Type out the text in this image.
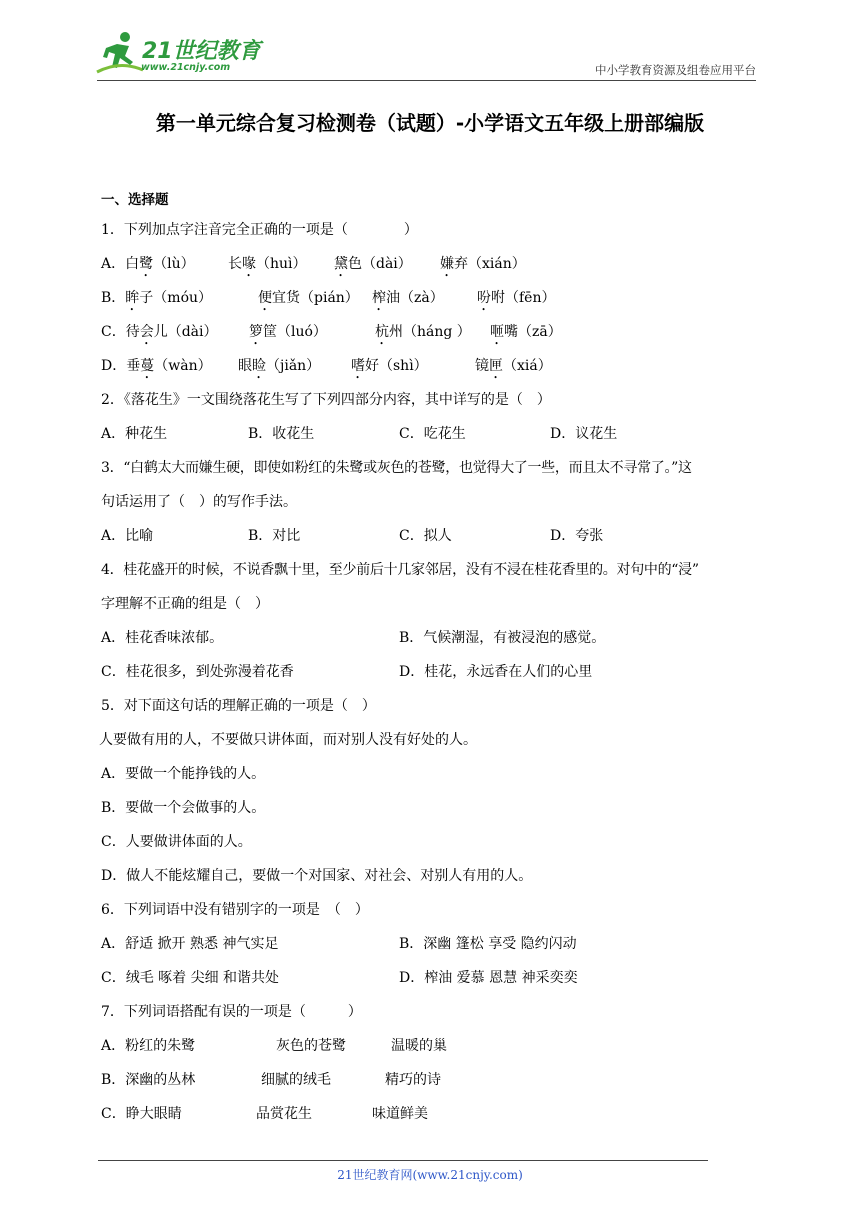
21世纪教育
www.21cnjy.com	中小学教育资源及组卷应用平台
第一单元综合复习检测卷（试题）-小学语文五年级上册部编版
一、选择题
1．下列加点字注音完全正确的一项是（　　　　）
A．白鹭（lù） 长喙（huì） 黛色（dài） 嫌弃（xián）
B．眸子（móu）	便宜货（pián） 榨油（zà） 吩咐（fēn）
C．待会儿（dài） 箩筐（luó）	杭州（háng ） 咂嘴（zā）
D．垂蔓（wàn） 眼睑（jiǎn） 嗜好（shì）	镜匣（xiá）
2．《落花生》一文围绕落花生写了下列四部分内容，其中详写的是（　）
A．种花生	B．收花生	C．吃花生	D．议花生
3．“白鹤太大而嫌生硬，即使如粉红的朱鹭或灰色的苍鹭，也觉得大了一些，而且太不寻常了。”这
句话运用了（　）的写作手法。
A．比喻	B．对比	C．拟人	D．夸张
4．桂花盛开的时候，不说香飘十里，至少前后十几家邻居，没有不浸在桂花香里的。对句中的“浸”
字理解不正确的组是（　）
A．桂花香味浓郁。	B．气候潮湿，有被浸泡的感觉。
C．桂花很多，到处弥漫着花香	D．桂花，永远香在人们的心里
5．对下面这句话的理解正确的一项是（　）
人要做有用的人，不要做只讲体面，而对别人没有好处的人。
A．要做一个能挣钱的人。
B．要做一个会做事的人。
C．人要做讲体面的人。
D．做人不能炫耀自己，要做一个对国家、对社会、对别人有用的人。
6．下列词语中没有错别字的一项是　（　）
A．舒适 掀开 熟悉 神气实足	B．深幽 篷松 享受 隐约闪动
C．绒毛 啄着 尖细 和谐共处	D．榨油 爱慕 恩慧 神采奕奕
7．下列词语搭配有误的一项是（　　　）
A．粉红的朱鹭	灰色的苍鹭	温暖的巢
B．深幽的丛林	细腻的绒毛	精巧的诗
C．睁大眼睛	品赏花生	味道鲜美
21世纪教育网(www.21cnjy.com)
